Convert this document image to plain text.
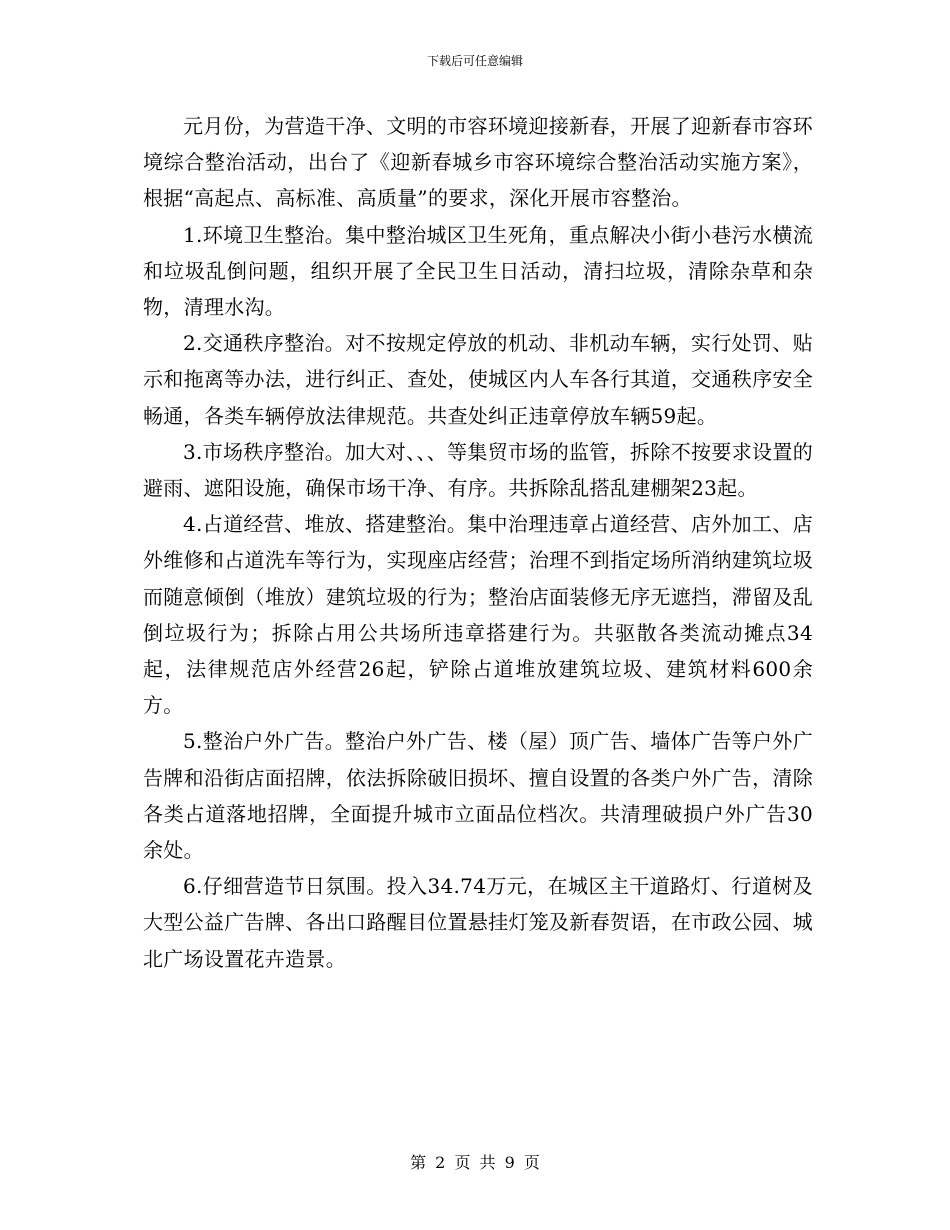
下载后可任意编辑

元月份，为营造干净、文明的市容环境迎接新春，开展了迎新春市容环境综合整治活动，出台了《迎新春城乡市容环境综合整治活动实施方案》，根据“高起点、高标准、高质量”的要求，深化开展市容整治。

1.环境卫生整治。集中整治城区卫生死角，重点解决小街小巷污水横流和垃圾乱倒问题，组织开展了全民卫生日活动，清扫垃圾，清除杂草和杂物，清理水沟。

2.交通秩序整治。对不按规定停放的机动、非机动车辆，实行处罚、贴示和拖离等办法，进行纠正、查处，使城区内人车各行其道，交通秩序安全畅通，各类车辆停放法律规范。共查处纠正违章停放车辆59起。

3.市场秩序整治。加大对、、、等集贸市场的监管，拆除不按要求设置的避雨、遮阳设施，确保市场干净、有序。共拆除乱搭乱建棚架23起。

4.占道经营、堆放、搭建整治。集中治理违章占道经营、店外加工、店外维修和占道洗车等行为，实现座店经营；治理不到指定场所消纳建筑垃圾而随意倾倒（堆放）建筑垃圾的行为；整治店面装修无序无遮挡，滞留及乱倒垃圾行为；拆除占用公共场所违章搭建行为。共驱散各类流动摊点34起，法律规范店外经营26起，铲除占道堆放建筑垃圾、建筑材料600余方。

5.整治户外广告。整治户外广告、楼（屋）顶广告、墙体广告等户外广告牌和沿街店面招牌，依法拆除破旧损坏、擅自设置的各类户外广告，清除各类占道落地招牌，全面提升城市立面品位档次。共清理破损户外广告30余处。

6.仔细营造节日氛围。投入34.74万元，在城区主干道路灯、行道树及大型公益广告牌、各出口路醒目位置悬挂灯笼及新春贺语，在市政公园、城北广场设置花卉造景。

第 2 页 共 9 页
